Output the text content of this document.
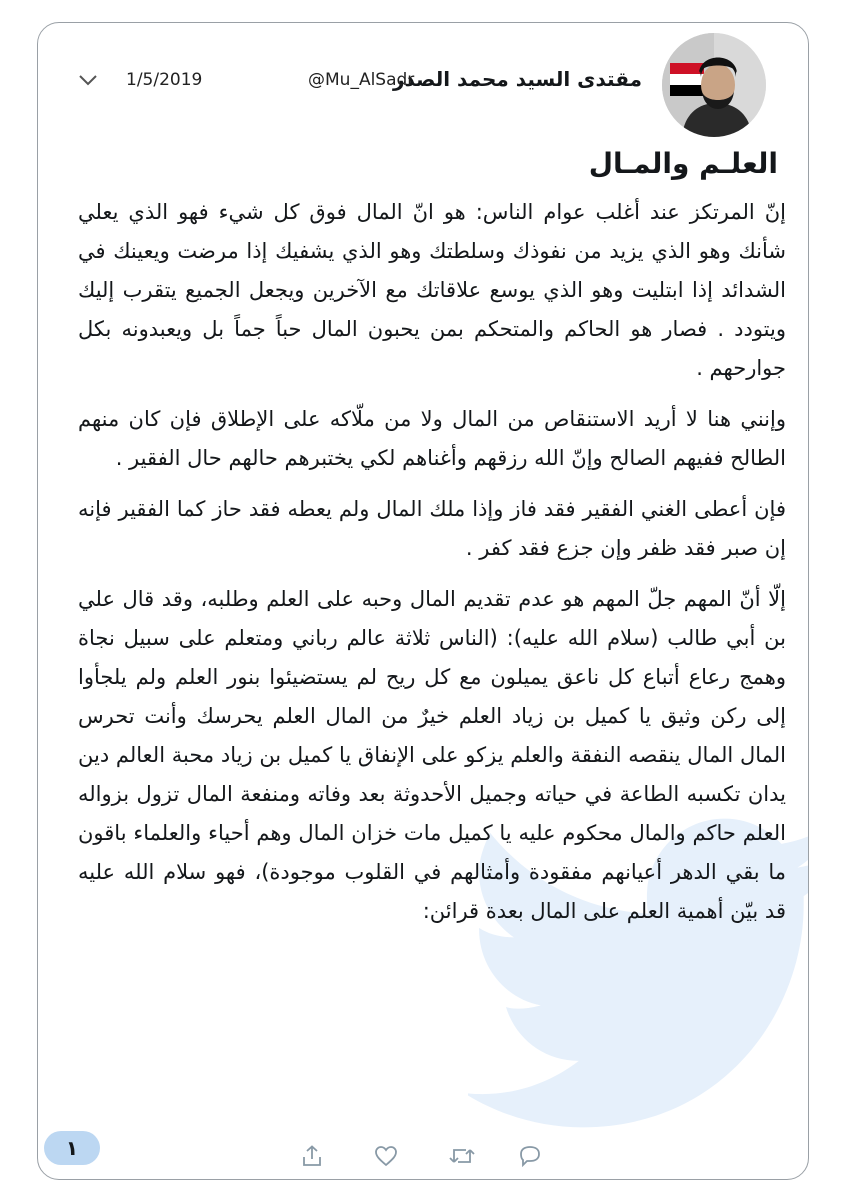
مقتدى السيد محمد الصدر
@Mu_AlSadr
1/5/2019
العلـم والمـال

إنّ المرتكز عند أغلب عوام الناس: هو انّ المال فوق كل شيء فهو الذي يعلي شأنك وهو الذي يزيد من نفوذك وسلطتك وهو الذي يشفيك إذا مرضت ويعينك في الشدائد إذا ابتليت وهو الذي يوسع علاقاتك مع الآخرين ويجعل الجميع يتقرب إليك ويتودد . فصار هو الحاكم والمتحكم بمن يحبون المال حباً جماً بل ويعبدونه بكل جوارحهم .

وإنني هنا لا أريد الاستنقاص من المال ولا من ملّاكه على الإطلاق فإن كان منهم الطالح ففيهم الصالح وإنّ الله رزقهم وأغناهم لكي يختبرهم حالهم حال الفقير .

فإن أعطى الغني الفقير فقد فاز وإذا ملك المال ولم يعطه فقد حاز كما الفقير فإنه إن صبر فقد ظفر وإن جزع فقد كفر .

إلّا أنّ المهم جلّ المهم هو عدم تقديم المال وحبه على العلم وطلبه، وقد قال علي بن أبي طالب (سلام الله عليه): (الناس ثلاثة عالم رباني ومتعلم على سبيل نجاة وهمج رعاع أتباع كل ناعق يميلون مع كل ريح لم يستضيئوا بنور العلم ولم يلجأوا إلى ركن وثيق يا كميل بن زياد العلم خيرٌ من المال العلم يحرسك وأنت تحرس المال المال ينقصه النفقة والعلم يزكو على الإنفاق يا كميل بن زياد محبة العالم دين يدان تكسبه الطاعة في حياته وجميل الأحدوثة بعد وفاته ومنفعة المال تزول بزواله العلم حاكم والمال محكوم عليه يا كميل مات خزان المال وهم أحياء والعلماء باقون ما بقي الدهر أعيانهم مفقودة وأمثالهم في القلوب موجودة)، فهو سلام الله عليه قد بيّن أهمية العلم على المال بعدة قرائن:

١
